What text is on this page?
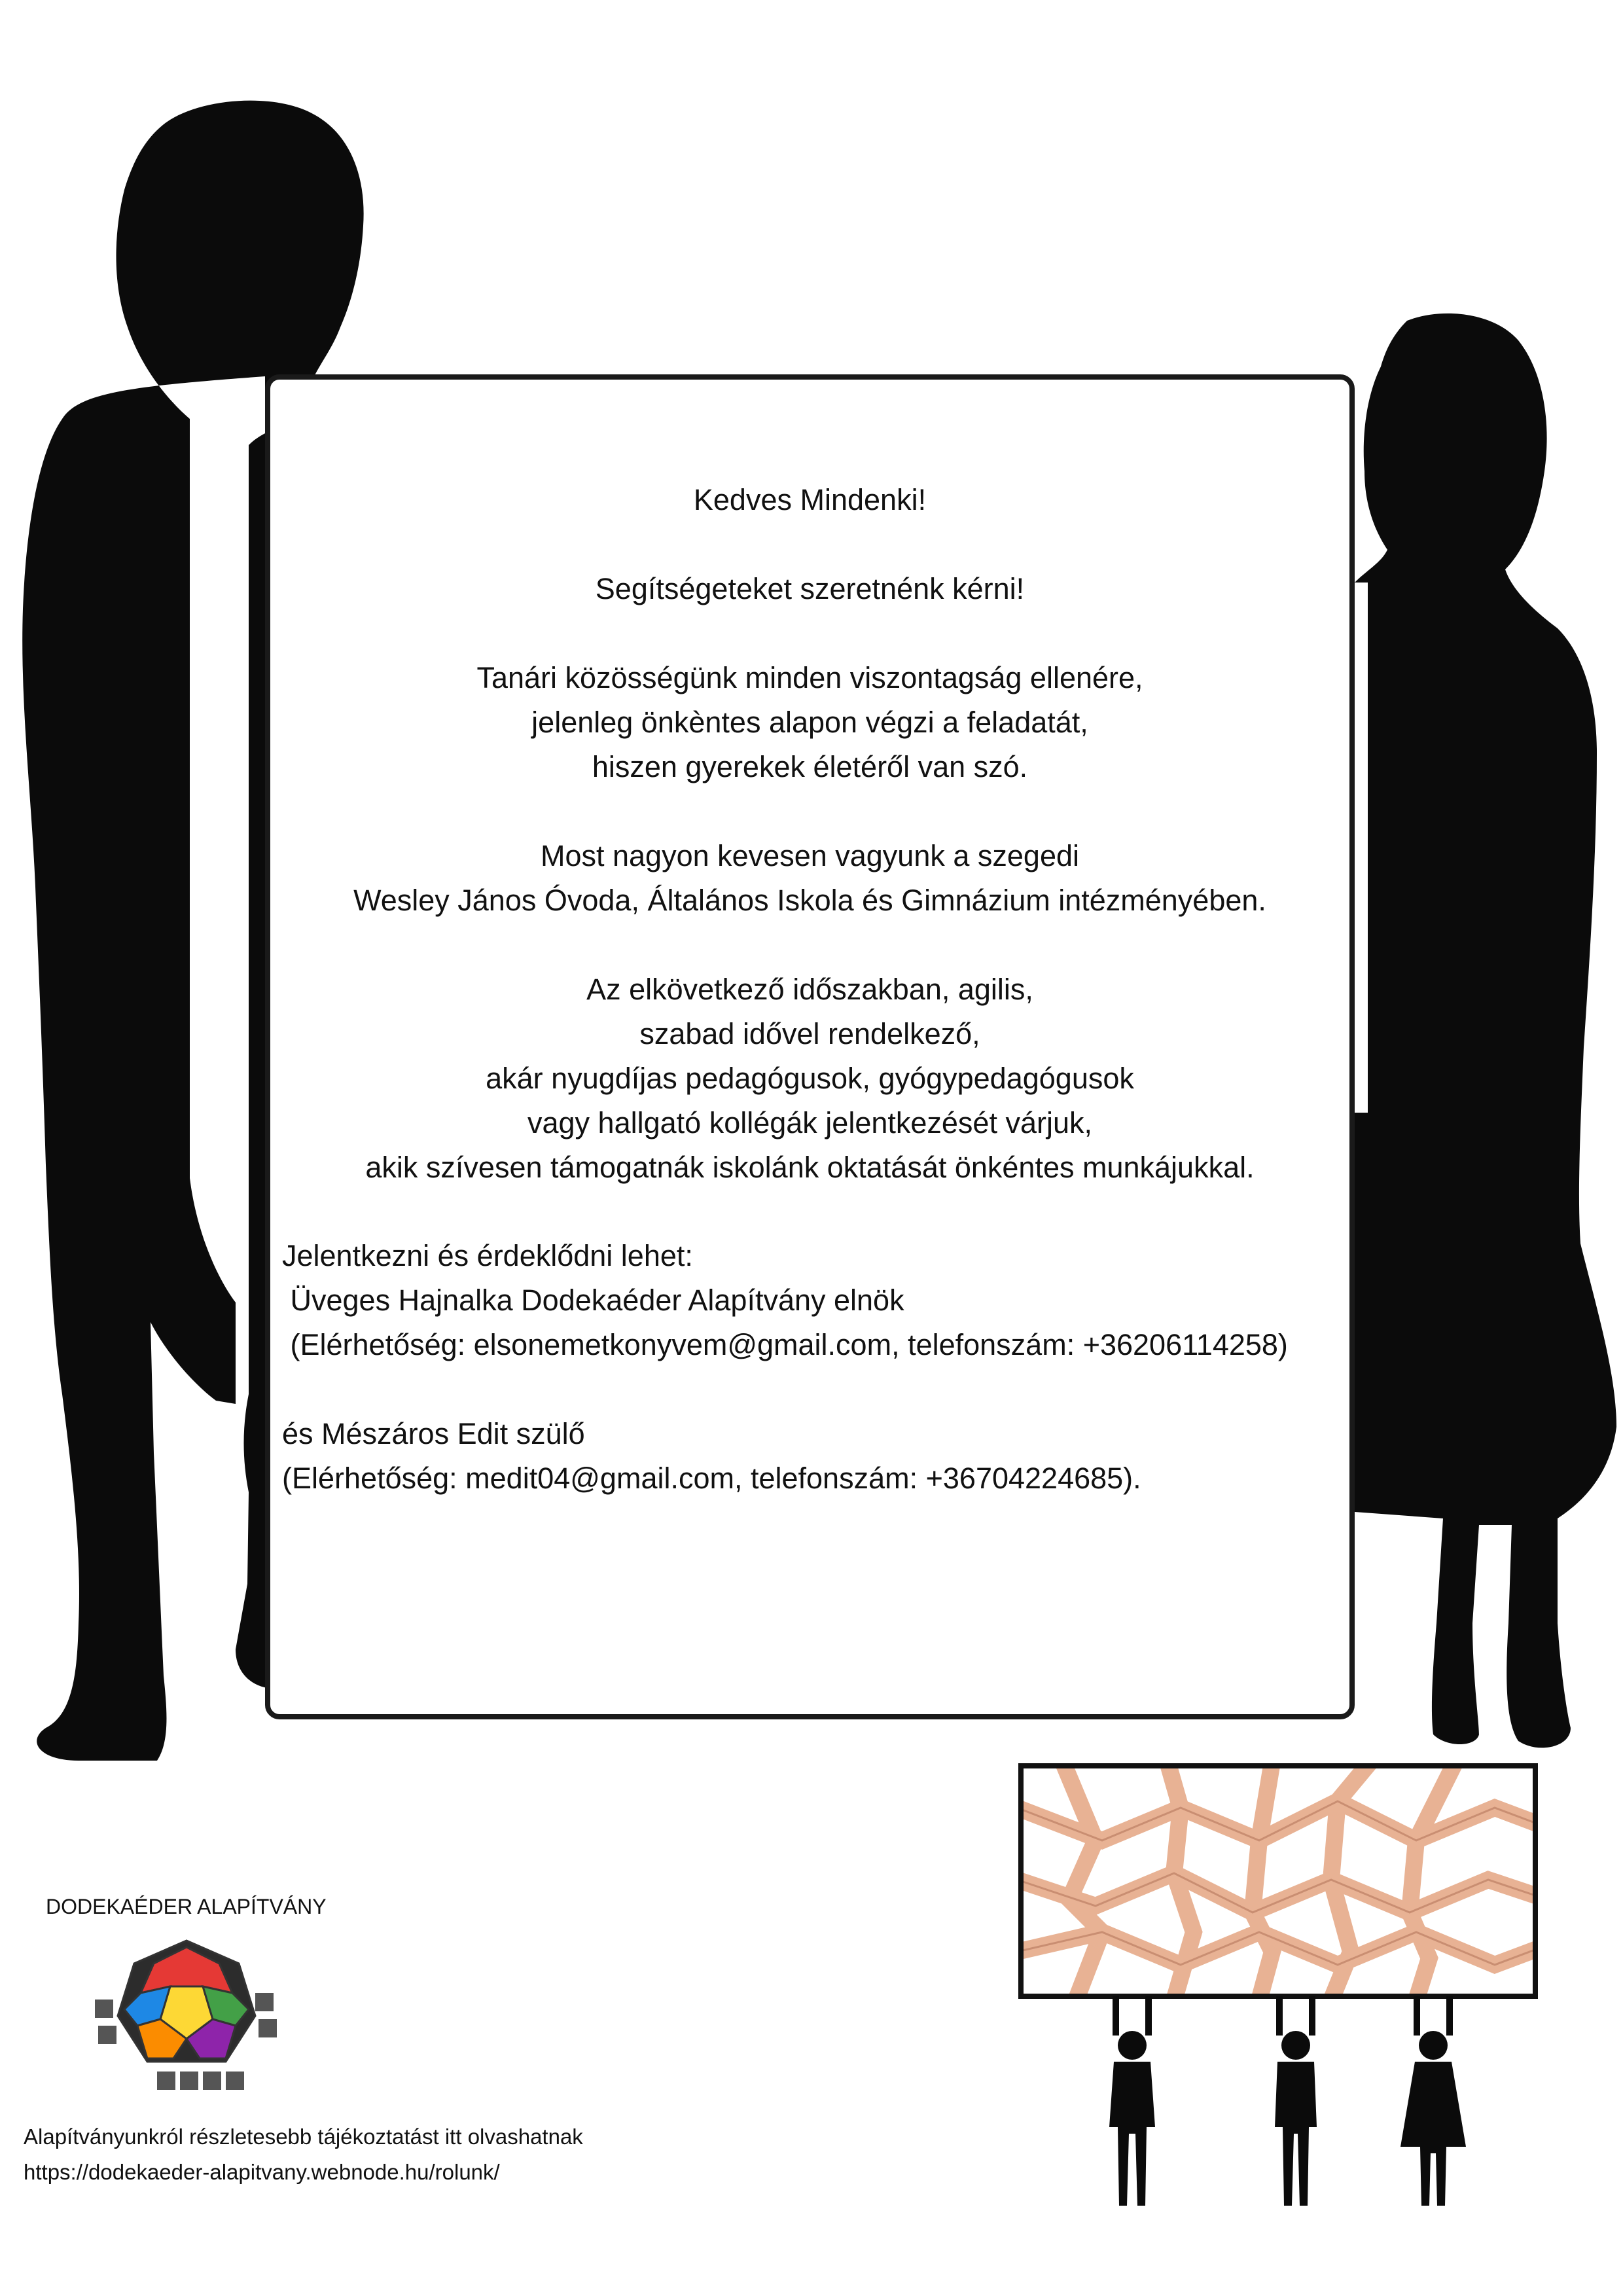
Kedves Mindenki!

Segítségeteket szeretnénk kérni!

Tanári közösségünk minden viszontagság ellenére,
jelenleg önkèntes alapon végzi a feladatát,
hiszen gyerekek életéről van szó.

Most nagyon kevesen vagyunk a szegedi
Wesley János Óvoda, Általános Iskola és Gimnázium intézményében.

Az elkövetkező időszakban, agilis,
szabad idővel rendelkező,
akár nyugdíjas pedagógusok, gyógypedagógusok
vagy hallgató kollégák jelentkezését várjuk,
akik szívesen támogatnák iskolánk oktatását önkéntes munkájukkal.

Jelentkezni és érdeklődni lehet:
Üveges Hajnalka Dodekaéder Alapítvány elnök
(Elérhetőség: elsonemetkonyvem@gmail.com, telefonszám: +36206114258)
és Mészáros Edit szülő
(Elérhetőség: medit04@gmail.com, telefonszám: +36704224685).
DODEKAÉDER ALAPÍTVÁNY
Alapítványunkról részletesebb tájékoztatást itt olvashatnak
https://dodekaeder-alapitvany.webnode.hu/rolunk/
